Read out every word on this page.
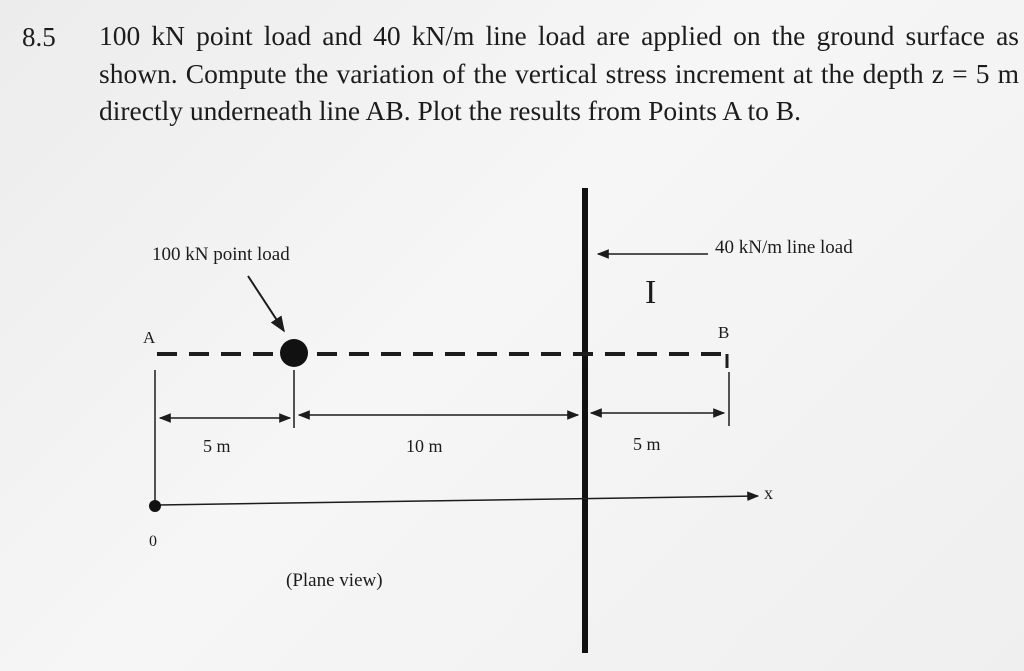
8.5 100 kN point load and 40 kN/m line load are applied on the ground surface as shown. Compute the variation of the vertical stress increment at the depth z = 5 m directly underneath line AB. Plot the results from Points A to B.
100 kN point load	40 kN/m line load
I
A	B
5 m	10 m	5 m
x
0
(Plane view)
